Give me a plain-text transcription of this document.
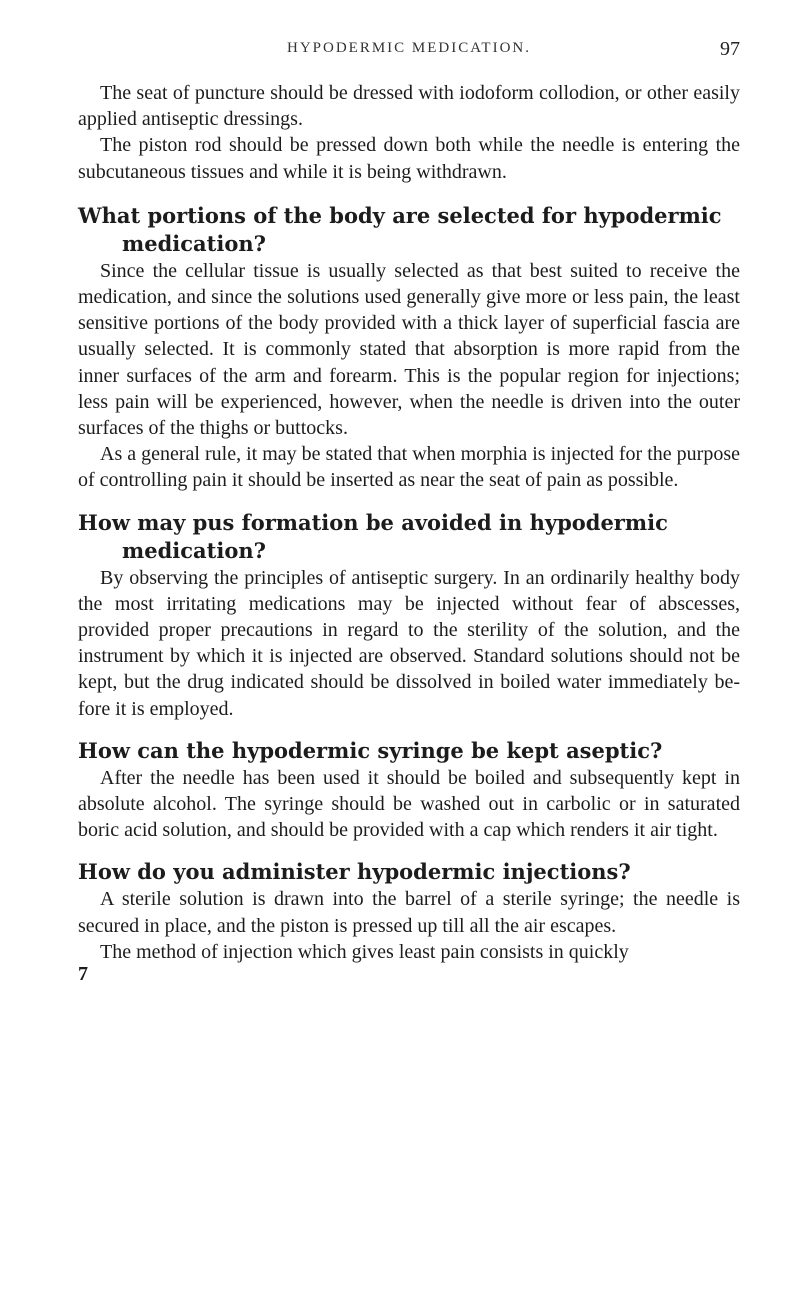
HYPODERMIC MEDICATION.	97

The seat of puncture should be dressed with iodoform collodion, or other easily applied antiseptic dressings.

The piston rod should be pressed down both while the needle is entering the subcutaneous tissues and while it is being withdrawn.

What portions of the body are selected for hypodermic medication?

Since the cellular tissue is usually selected as that best suited to receive the medication, and since the solutions used generally give more or less pain, the least sensitive portions of the body provided with a thick layer of superficial fascia are usually selected. It is commonly stated that absorption is more rapid from the inner surfaces of the arm and forearm. This is the popular region for injections; less pain will be experienced, however, when the needle is driven into the outer surfaces of the thighs or buttocks.

As a general rule, it may be stated that when morphia is injected for the purpose of controlling pain it should be inserted as near the seat of pain as possible.

How may pus formation be avoided in hypodermic medication?

By observing the principles of antiseptic surgery. In an ordinarily healthy body the most irritating medications may be injected without fear of abscesses, provided proper precautions in regard to the sterility of the solution, and the instrument by which it is injected are observed. Standard solutions should not be kept, but the drug indicated should be dissolved in boiled water immediately before it is employed.

How can the hypodermic syringe be kept aseptic?

After the needle has been used it should be boiled and subsequently kept in absolute alcohol. The syringe should be washed out in carbolic or in saturated boric acid solution, and should be provided with a cap which renders it air tight.

How do you administer hypodermic injections?

A sterile solution is drawn into the barrel of a sterile syringe; the needle is secured in place, and the piston is pressed up till all the air escapes.

The method of injection which gives least pain consists in quickly

7
